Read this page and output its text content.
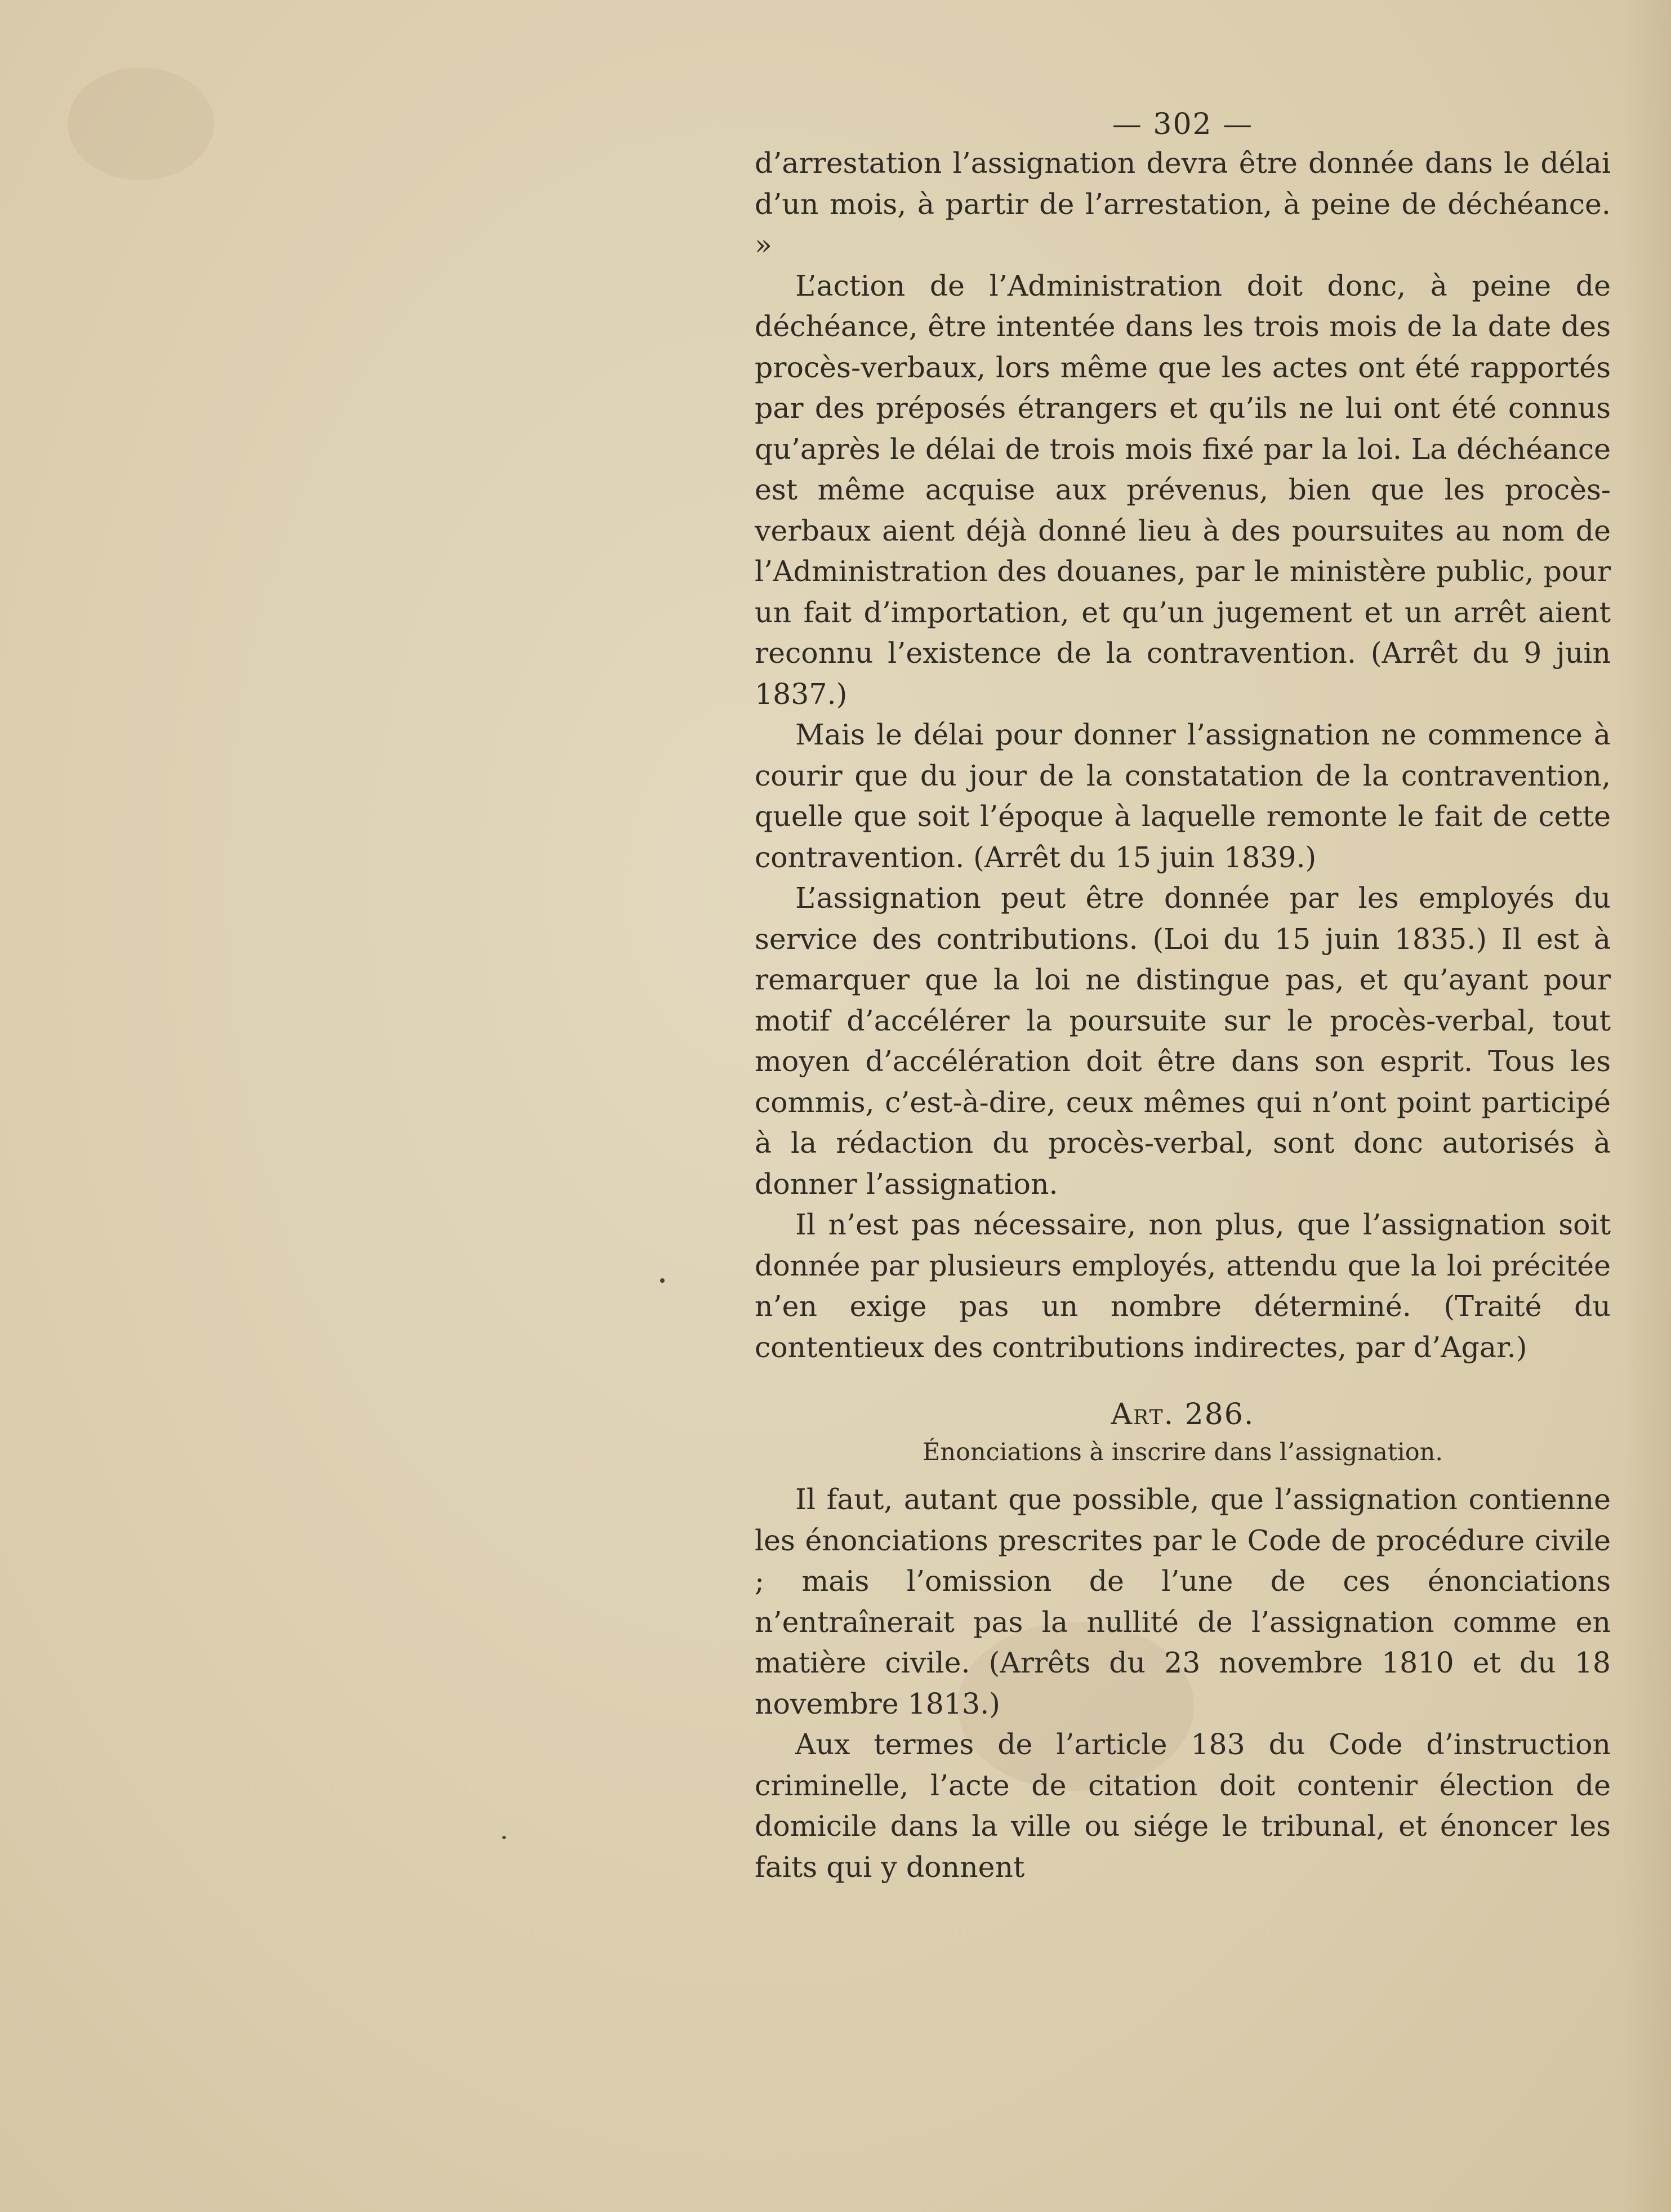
— 302 —

d’arrestation l’assignation devra être donnée dans le délai d’un mois, à partir de l’arrestation, à peine de déchéance. »

L’action de l’Administration doit donc, à peine de déchéance, être intentée dans les trois mois de la date des procès-verbaux, lors même que les actes ont été rapportés par des préposés étrangers et qu’ils ne lui ont été connus qu’après le délai de trois mois fixé par la loi. La déchéance est même acquise aux prévenus, bien que les procès-verbaux aient déjà donné lieu à des poursuites au nom de l’Administration des douanes, par le ministère public, pour un fait d’importation, et qu’un jugement et un arrêt aient reconnu l’existence de la contravention. (Arrêt du 9 juin 1837.)

Mais le délai pour donner l’assignation ne commence à courir que du jour de la constatation de la contravention, quelle que soit l’époque à laquelle remonte le fait de cette contravention. (Arrêt du 15 juin 1839.)

L’assignation peut être donnée par les employés du service des contributions. (Loi du 15 juin 1835.) Il est à remarquer que la loi ne distingue pas, et qu’ayant pour motif d’accélérer la poursuite sur le procès-verbal, tout moyen d’accélération doit être dans son esprit. Tous les commis, c’est-à-dire, ceux mêmes qui n’ont point participé à la rédaction du procès-verbal, sont donc autorisés à donner l’assignation.

Il n’est pas nécessaire, non plus, que l’assignation soit donnée par plusieurs employés, attendu que la loi précitée n’en exige pas un nombre déterminé. (Traité du contentieux des contributions indirectes, par d’Agar.)

Art. 286.
Énonciations à inscrire dans l’assignation.

Il faut, autant que possible, que l’assignation contienne les énonciations prescrites par le Code de procédure civile ; mais l’omission de l’une de ces énonciations n’entraînerait pas la nullité de l’assignation comme en matière civile. (Arrêts du 23 novembre 1810 et du 18 novembre 1813.)

Aux termes de l’article 183 du Code d’instruction criminelle, l’acte de citation doit contenir élection de domicile dans la ville ou siége le tribunal, et énoncer les faits qui y donnent
